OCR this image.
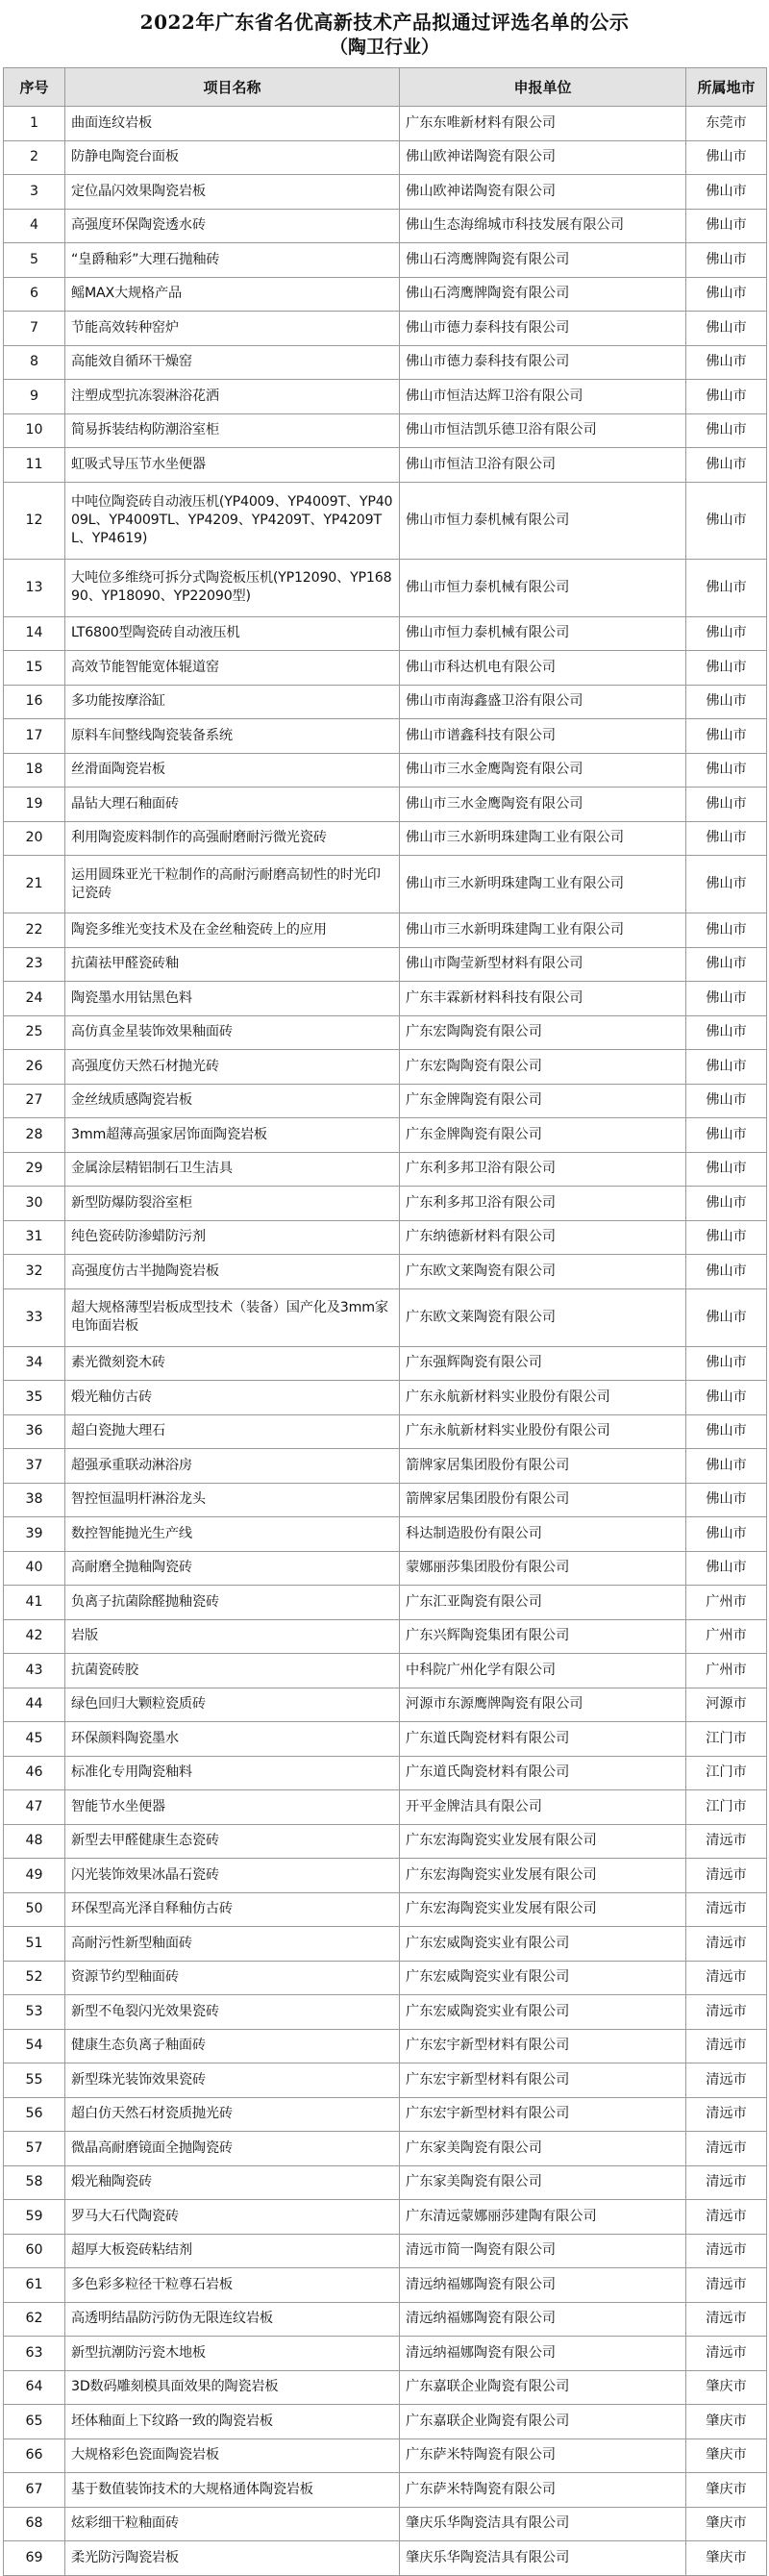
2022年广东省名优高新技术产品拟通过评选名单的公示
（陶卫行业）
序号	项目名称	申报单位	所属地市
1	曲面连纹岩板	广东东唯新材料有限公司	东莞市
2	防静电陶瓷台面板	佛山欧神诺陶瓷有限公司	佛山市
3	定位晶闪效果陶瓷岩板	佛山欧神诺陶瓷有限公司	佛山市
4	高强度环保陶瓷透水砖	佛山生态海绵城市科技发展有限公司	佛山市
5	“皇爵釉彩”大理石抛釉砖	佛山石湾鹰牌陶瓷有限公司	佛山市
6	鳐MAX大规格产品	佛山石湾鹰牌陶瓷有限公司	佛山市
7	节能高效转种窑炉	佛山市德力泰科技有限公司	佛山市
8	高能效自循环干燥窑	佛山市德力泰科技有限公司	佛山市
9	注塑成型抗冻裂淋浴花洒	佛山市恒洁达辉卫浴有限公司	佛山市
10	简易拆装结构防潮浴室柜	佛山市恒洁凯乐德卫浴有限公司	佛山市
11	虹吸式导压节水坐便器	佛山市恒洁卫浴有限公司	佛山市
12	中吨位陶瓷砖自动液压机(YP4009、YP4009T、YP4009L、YP4009TL、YP4209、YP4209T、YP4209TL、YP4619)	佛山市恒力泰机械有限公司	佛山市
13	大吨位多维绕可拆分式陶瓷板压机(YP12090、YP16890、YP18090、YP22090型)	佛山市恒力泰机械有限公司	佛山市
14	LT6800型陶瓷砖自动液压机	佛山市恒力泰机械有限公司	佛山市
15	高效节能智能宽体辊道窑	佛山市科达机电有限公司	佛山市
16	多功能按摩浴缸	佛山市南海鑫盛卫浴有限公司	佛山市
17	原料车间整线陶瓷装备系统	佛山市谱鑫科技有限公司	佛山市
18	丝滑面陶瓷岩板	佛山市三水金鹰陶瓷有限公司	佛山市
19	晶钻大理石釉面砖	佛山市三水金鹰陶瓷有限公司	佛山市
20	利用陶瓷废料制作的高强耐磨耐污微光瓷砖	佛山市三水新明珠建陶工业有限公司	佛山市
21	运用圆珠亚光干粒制作的高耐污耐磨高韧性的时光印记瓷砖	佛山市三水新明珠建陶工业有限公司	佛山市
22	陶瓷多维光变技术及在金丝釉瓷砖上的应用	佛山市三水新明珠建陶工业有限公司	佛山市
23	抗菌祛甲醛瓷砖釉	佛山市陶莹新型材料有限公司	佛山市
24	陶瓷墨水用钴黑色料	广东丰霖新材料科技有限公司	佛山市
25	高仿真金星装饰效果釉面砖	广东宏陶陶瓷有限公司	佛山市
26	高强度仿天然石材抛光砖	广东宏陶陶瓷有限公司	佛山市
27	金丝绒质感陶瓷岩板	广东金牌陶瓷有限公司	佛山市
28	3mm超薄高强家居饰面陶瓷岩板	广东金牌陶瓷有限公司	佛山市
29	金属涂层精铝制石卫生洁具	广东利多邦卫浴有限公司	佛山市
30	新型防爆防裂浴室柜	广东利多邦卫浴有限公司	佛山市
31	纯色瓷砖防渗蜡防污剂	广东纳德新材料有限公司	佛山市
32	高强度仿古半抛陶瓷岩板	广东欧文莱陶瓷有限公司	佛山市
33	超大规格薄型岩板成型技术（装备）国产化及3mm家电饰面岩板	广东欧文莱陶瓷有限公司	佛山市
34	素光微刻瓷木砖	广东强辉陶瓷有限公司	佛山市
35	煅光釉仿古砖	广东永航新材料实业股份有限公司	佛山市
36	超白瓷抛大理石	广东永航新材料实业股份有限公司	佛山市
37	超强承重联动淋浴房	箭牌家居集团股份有限公司	佛山市
38	智控恒温明杆淋浴龙头	箭牌家居集团股份有限公司	佛山市
39	数控智能抛光生产线	科达制造股份有限公司	佛山市
40	高耐磨全抛釉陶瓷砖	蒙娜丽莎集团股份有限公司	佛山市
41	负离子抗菌除醛抛釉瓷砖	广东汇亚陶瓷有限公司	广州市
42	岩版	广东兴辉陶瓷集团有限公司	广州市
43	抗菌瓷砖胶	中科院广州化学有限公司	广州市
44	绿色回归大颗粒瓷质砖	河源市东源鹰牌陶瓷有限公司	河源市
45	环保颜料陶瓷墨水	广东道氏陶瓷材料有限公司	江门市
46	标准化专用陶瓷釉料	广东道氏陶瓷材料有限公司	江门市
47	智能节水坐便器	开平金牌洁具有限公司	江门市
48	新型去甲醛健康生态瓷砖	广东宏海陶瓷实业发展有限公司	清远市
49	闪光装饰效果冰晶石瓷砖	广东宏海陶瓷实业发展有限公司	清远市
50	环保型高光泽自释釉仿古砖	广东宏海陶瓷实业发展有限公司	清远市
51	高耐污性新型釉面砖	广东宏威陶瓷实业有限公司	清远市
52	资源节约型釉面砖	广东宏威陶瓷实业有限公司	清远市
53	新型不龟裂闪光效果瓷砖	广东宏威陶瓷实业有限公司	清远市
54	健康生态负离子釉面砖	广东宏宇新型材料有限公司	清远市
55	新型珠光装饰效果瓷砖	广东宏宇新型材料有限公司	清远市
56	超白仿天然石材瓷质抛光砖	广东宏宇新型材料有限公司	清远市
57	微晶高耐磨镜面全抛陶瓷砖	广东家美陶瓷有限公司	清远市
58	煅光釉陶瓷砖	广东家美陶瓷有限公司	清远市
59	罗马大石代陶瓷砖	广东清远蒙娜丽莎建陶有限公司	清远市
60	超厚大板瓷砖粘结剂	清远市简一陶瓷有限公司	清远市
61	多色彩多粒径干粒尊石岩板	清远纳福娜陶瓷有限公司	清远市
62	高透明结晶防污防伪无限连纹岩板	清远纳福娜陶瓷有限公司	清远市
63	新型抗潮防污瓷木地板	清远纳福娜陶瓷有限公司	清远市
64	3D数码雕刻模具面效果的陶瓷岩板	广东嘉联企业陶瓷有限公司	肇庆市
65	坯体釉面上下纹路一致的陶瓷岩板	广东嘉联企业陶瓷有限公司	肇庆市
66	大规格彩色瓷面陶瓷岩板	广东萨米特陶瓷有限公司	肇庆市
67	基于数值装饰技术的大规格通体陶瓷岩板	广东萨米特陶瓷有限公司	肇庆市
68	炫彩细干粒釉面砖	肇庆乐华陶瓷洁具有限公司	肇庆市
69	柔光防污陶瓷岩板	肇庆乐华陶瓷洁具有限公司	肇庆市
